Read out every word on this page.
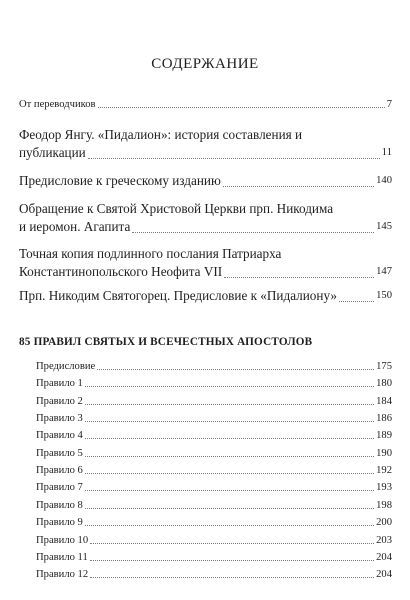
СОДЕРЖАНИЕ
От переводчиков	7
Феодор Янгу. «Пидалион»: история составления и
публикации	11
Предисловие к греческому изданию	140
Обращение к Святой Христовой Церкви прп. Никодима
и иеромон. Агапита	145
Точная копия подлинного послания Патриарха
Константинопольского Неофита VII	147
Прп. Никодим Святогорец. Предисловие к «Пидалиону»	150
85 ПРАВИЛ СВЯТЫХ И ВСЕЧЕСТНЫХ АПОСТОЛОВ
Предисловие	175
Правило 1	180
Правило 2	184
Правило 3	186
Правило 4	189
Правило 5	190
Правило 6	192
Правило 7	193
Правило 8	198
Правило 9	200
Правило 10	203
Правило 11	204
Правило 12	204
